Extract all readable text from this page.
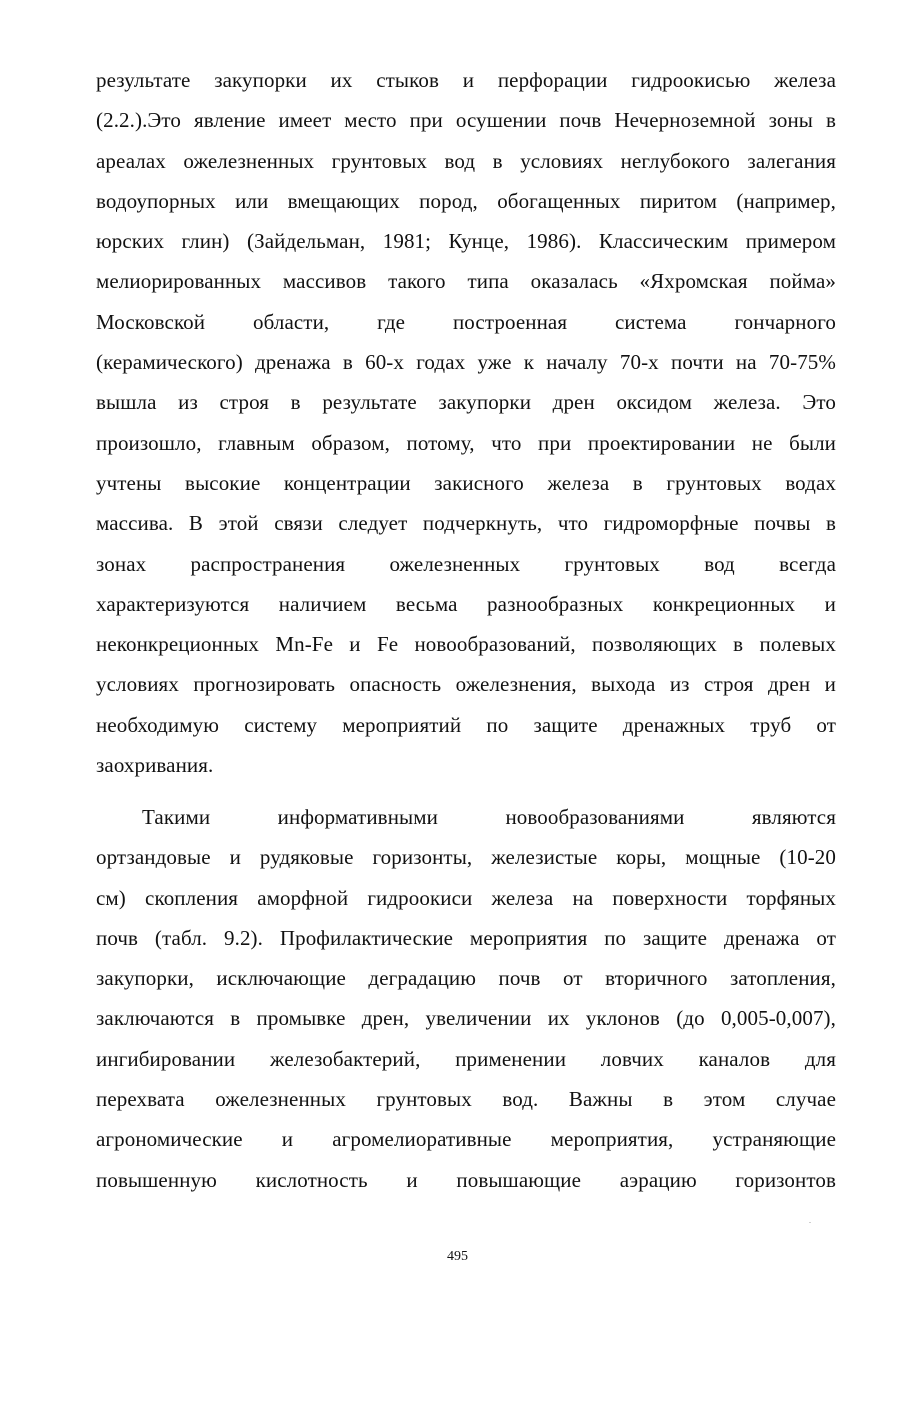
результате закупорки их стыков и перфорации гидроокисью железа
(2.2.).Это явление имеет место при осушении почв Нечерноземной зоны в
ареалах ожелезненных грунтовых вод в условиях неглубокого залегания
водоупорных или вмещающих пород, обогащенных пиритом (например,
юрских глин) (Зайдельман, 1981; Кунце, 1986). Классическим примером
мелиорированных массивов такого типа оказалась «Яхромская пойма»
Московской области, где построенная система гончарного
(керамического) дренажа в 60-х годах уже к началу 70-х почти на 70-75%
вышла из строя в результате закупорки дрен оксидом железа. Это
произошло, главным образом, потому, что при проектировании не были
учтены высокие концентрации закисного железа в грунтовых водах
массива. В этой связи следует подчеркнуть, что гидроморфные почвы в
зонах распространения ожелезненных грунтовых вод всегда
характеризуются наличием весьма разнообразных конкреционных и
неконкреционных Mn-Fe и Fe новообразований, позволяющих в полевых
условиях прогнозировать опасность ожелезнения, выхода из строя дрен и
необходимую систему мероприятий по защите дренажных труб от
заохривания.
Такими информативными новообразованиями являются
ортзандовые и рудяковые горизонты, железистые коры, мощные (10-20
см) скопления аморфной гидроокиси железа на поверхности торфяных
почв (табл. 9.2). Профилактические мероприятия по защите дренажа от
закупорки, исключающие деградацию почв от вторичного затопления,
заключаются в промывке дрен, увеличении их уклонов (до 0,005-0,007),
ингибировании железобактерий, применении ловчих каналов для
перехвата ожелезненных грунтовых вод. Важны в этом случае
агрономические и агромелиоративные мероприятия, устраняющие
повышенную кислотность и повышающие аэрацию горизонтов
495
